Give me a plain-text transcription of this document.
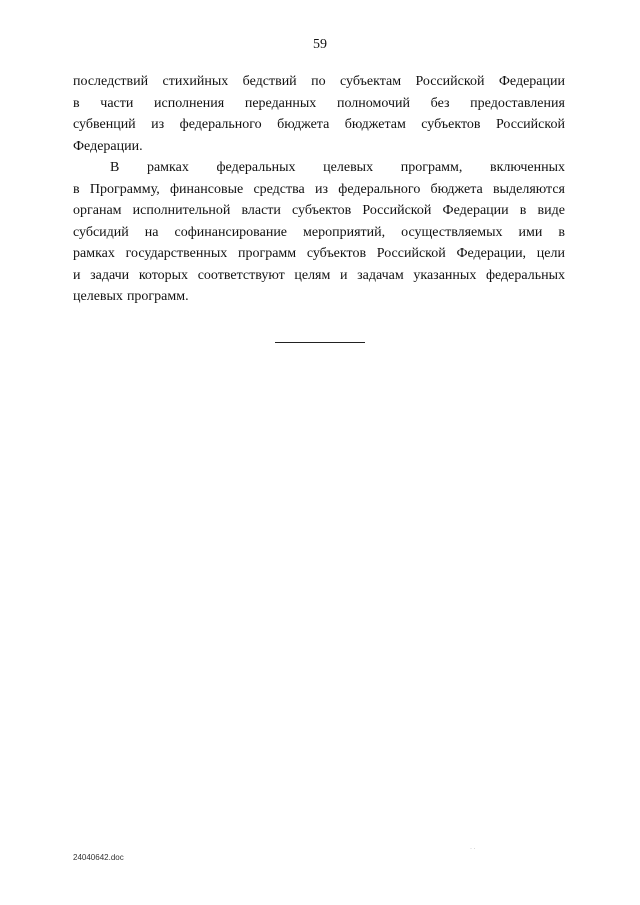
59
последствий стихийных бедствий по субъектам Российской Федерации
в части исполнения переданных полномочий без предоставления
субвенций из федерального бюджета бюджетам субъектов Российской
Федерации.
В рамках федеральных целевых программ, включенных
в Программу, финансовые средства из федерального бюджета выделяются
органам исполнительной власти субъектов Российской Федерации в виде
субсидий на софинансирование мероприятий, осуществляемых ими в
рамках государственных программ субъектов Российской Федерации, цели
и задачи которых соответствуют целям и задачам указанных федеральных
целевых программ.
24040642.doc
· ·
